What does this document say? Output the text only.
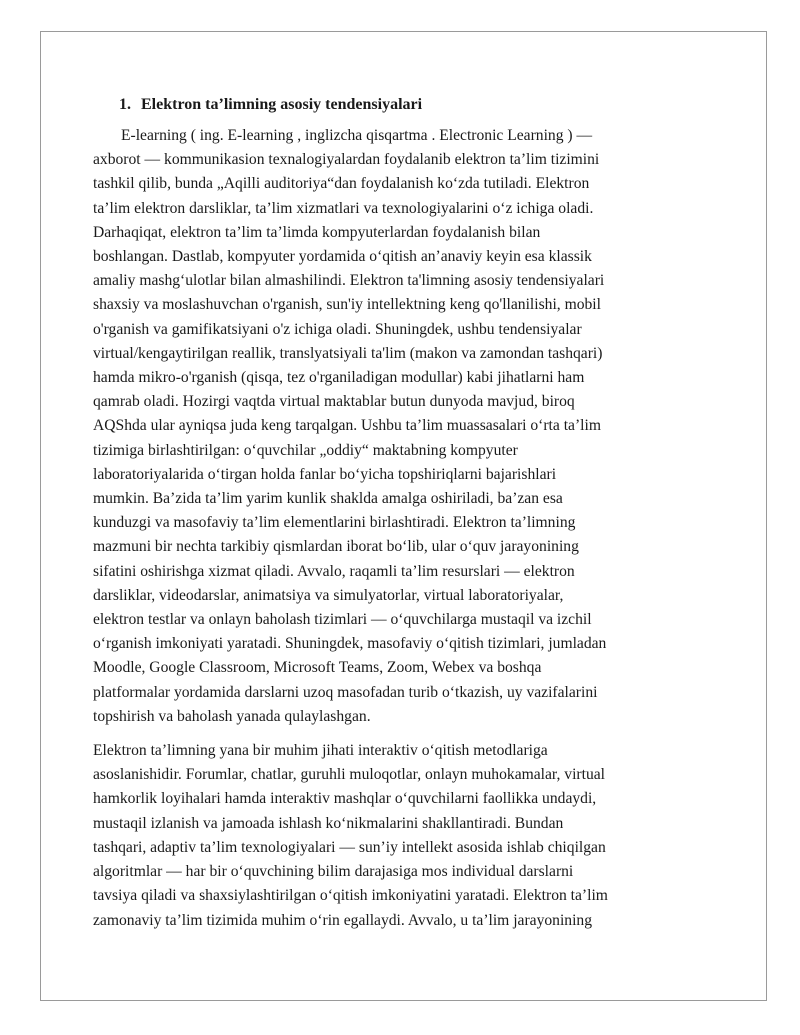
1. Elektron ta’limning asosiy tendensiyalari

E-learning ( ing. E-learning , inglizcha qisqartma . Electronic Learning ) —
axborot — kommunikasion texnalogiyalardan foydalanib elektron ta’lim tizimini
tashkil qilib, bunda „Aqilli auditoriya“dan foydalanish koʻzda tutiladi. Elektron
ta’lim elektron darsliklar, ta’lim xizmatlari va texnologiyalarini oʻz ichiga oladi.
Darhaqiqat, elektron ta’lim ta’limda kompyuterlardan foydalanish bilan
boshlangan. Dastlab, kompyuter yordamida oʻqitish an’anaviy keyin esa klassik
amaliy mashgʻulotlar bilan almashilindi. Elektron ta'limning asosiy tendensiyalari
shaxsiy va moslashuvchan o'rganish, sun'iy intellektning keng qo'llanilishi, mobil
o'rganish va gamifikatsiyani o'z ichiga oladi. Shuningdek, ushbu tendensiyalar
virtual/kengaytirilgan reallik, translyatsiyali ta'lim (makon va zamondan tashqari)
hamda mikro-o'rganish (qisqa, tez o'rganiladigan modullar) kabi jihatlarni ham
qamrab oladi. Hozirgi vaqtda virtual maktablar butun dunyoda mavjud, biroq
AQShda ular ayniqsa juda keng tarqalgan. Ushbu ta’lim muassasalari oʻrta ta’lim
tizimiga birlashtirilgan: oʻquvchilar „oddiy“ maktabning kompyuter
laboratoriyalarida oʻtirgan holda fanlar boʻyicha topshiriqlarni bajarishlari
mumkin. Ba’zida ta’lim yarim kunlik shaklda amalga oshiriladi, ba’zan esa
kunduzgi va masofaviy ta’lim elementlarini birlashtiradi. Elektron ta’limning
mazmuni bir nechta tarkibiy qismlardan iborat boʻlib, ular oʻquv jarayonining
sifatini oshirishga xizmat qiladi. Avvalo, raqamli ta’lim resurslari — elektron
darsliklar, videodarslar, animatsiya va simulyatorlar, virtual laboratoriyalar,
elektron testlar va onlayn baholash tizimlari — oʻquvchilarga mustaqil va izchil
oʻrganish imkoniyati yaratadi. Shuningdek, masofaviy oʻqitish tizimlari, jumladan
Moodle, Google Classroom, Microsoft Teams, Zoom, Webex va boshqa
platformalar yordamida darslarni uzoq masofadan turib oʻtkazish, uy vazifalarini
topshirish va baholash yanada qulaylashgan.

Elektron ta’limning yana bir muhim jihati interaktiv oʻqitish metodlariga
asoslanishidir. Forumlar, chatlar, guruhli muloqotlar, onlayn muhokamalar, virtual
hamkorlik loyihalari hamda interaktiv mashqlar oʻquvchilarni faollikka undaydi,
mustaqil izlanish va jamoada ishlash koʻnikmalarini shakllantiradi. Bundan
tashqari, adaptiv ta’lim texnologiyalari — sun’iy intellekt asosida ishlab chiqilgan
algoritmlar — har bir oʻquvchining bilim darajasiga mos individual darslarni
tavsiya qiladi va shaxsiylashtirilgan oʻqitish imkoniyatini yaratadi. Elektron ta’lim
zamonaviy ta’lim tizimida muhim oʻrin egallaydi. Avvalo, u ta’lim jarayonining
